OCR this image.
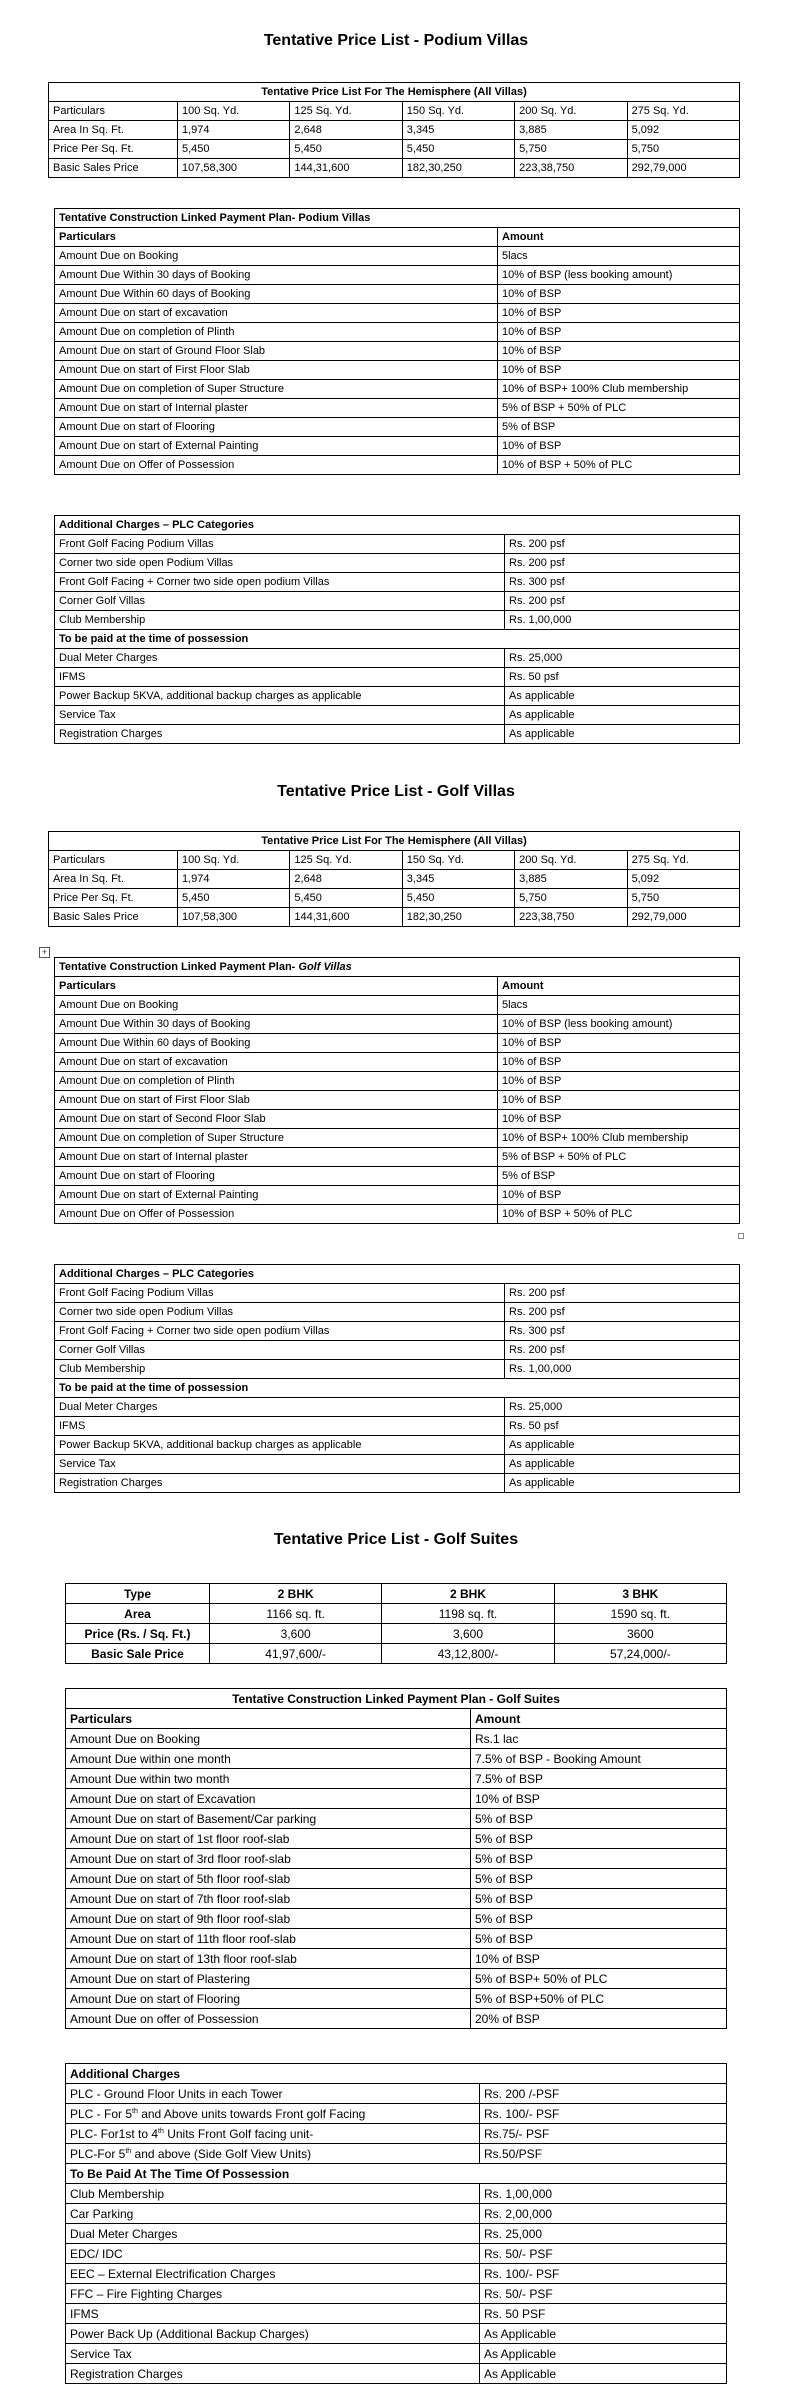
Tentative Price List - Podium Villas
Tentative Price List For The Hemisphere (All Villas)					
Particulars	100 Sq. Yd.	125 Sq. Yd.	150 Sq. Yd.	200 Sq. Yd.	275 Sq. Yd.
Area In Sq. Ft.	1,974	2,648	3,345	3,885	5,092
Price Per Sq. Ft.	5,450	5,450	5,450	5,750	5,750
Basic Sales Price	107,58,300	144,31,600	182,30,250	223,38,750	292,79,000
Tentative Construction Linked Payment Plan- Podium Villas	
Particulars	Amount
Amount Due on Booking	5lacs
Amount Due Within 30 days of Booking	10% of BSP (less booking amount)
Amount Due Within 60 days of Booking	10% of BSP
Amount Due on start of excavation	10% of BSP
Amount Due on completion of Plinth	10% of BSP
Amount Due on start of Ground Floor Slab	10% of BSP
Amount Due on start of First Floor Slab	10% of BSP
Amount Due on completion of Super Structure	10% of BSP+ 100% Club membership
Amount Due on start of Internal plaster	5% of BSP + 50% of PLC
Amount Due on start of Flooring	5% of BSP
Amount Due on start of External Painting	10% of BSP
Amount Due on Offer of Possession	10% of BSP + 50% of PLC
Additional Charges – PLC Categories	
Front Golf Facing Podium Villas	Rs. 200 psf
Corner two side open Podium Villas	Rs. 200 psf
Front Golf Facing + Corner two side open podium Villas	Rs. 300 psf
Corner Golf Villas	Rs. 200 psf
Club Membership	Rs. 1,00,000
To be paid at the time of possession	
Dual Meter Charges	Rs. 25,000
IFMS	Rs. 50 psf
Power Backup 5KVA, additional backup charges as applicable	As applicable
Service Tax	As applicable
Registration Charges	As applicable
Tentative Price List - Golf Villas
Tentative Price List For The Hemisphere (All Villas)					
Particulars	100 Sq. Yd.	125 Sq. Yd.	150 Sq. Yd.	200 Sq. Yd.	275 Sq. Yd.
Area In Sq. Ft.	1,974	2,648	3,345	3,885	5,092
Price Per Sq. Ft.	5,450	5,450	5,450	5,750	5,750
Basic Sales Price	107,58,300	144,31,600	182,30,250	223,38,750	292,79,000
+
Tentative Construction Linked Payment Plan- Golf Villas	
Particulars	Amount
Amount Due on Booking	5lacs
Amount Due Within 30 days of Booking	10% of BSP (less booking amount)
Amount Due Within 60 days of Booking	10% of BSP
Amount Due on start of excavation	10% of BSP
Amount Due on completion of Plinth	10% of BSP
Amount Due on start of First Floor Slab	10% of BSP
Amount Due on start of Second Floor Slab	10% of BSP
Amount Due on completion of Super Structure	10% of BSP+ 100% Club membership
Amount Due on start of Internal plaster	5% of BSP + 50% of PLC
Amount Due on start of Flooring	5% of BSP
Amount Due on start of External Painting	10% of BSP
Amount Due on Offer of Possession	10% of BSP + 50% of PLC
Additional Charges – PLC Categories	
Front Golf Facing Podium Villas	Rs. 200 psf
Corner two side open Podium Villas	Rs. 200 psf
Front Golf Facing + Corner two side open podium Villas	Rs. 300 psf
Corner Golf Villas	Rs. 200 psf
Club Membership	Rs. 1,00,000
To be paid at the time of possession	
Dual Meter Charges	Rs. 25,000
IFMS	Rs. 50 psf
Power Backup 5KVA, additional backup charges as applicable	As applicable
Service Tax	As applicable
Registration Charges	As applicable
Tentative Price List - Golf Suites
Type	2 BHK	2 BHK	3 BHK
Area	1166 sq. ft.	1198 sq. ft.	1590 sq. ft.
Price (Rs. / Sq. Ft.)	3,600	3,600	3600
Basic Sale Price	41,97,600/-	43,12,800/-	57,24,000/-
Tentative Construction Linked Payment Plan - Golf Suites	
Particulars	Amount
Amount Due on Booking	Rs.1 lac
Amount Due within one month	7.5% of BSP - Booking Amount
Amount Due within two month	7.5% of BSP
Amount Due on start of Excavation	10% of BSP
Amount Due on start of Basement/Car parking	5% of BSP
Amount Due on start of 1st floor roof-slab	5% of BSP
Amount Due on start of 3rd floor roof-slab	5% of BSP
Amount Due on start of 5th floor roof-slab	5% of BSP
Amount Due on start of 7th floor roof-slab	5% of BSP
Amount Due on start of 9th floor roof-slab	5% of BSP
Amount Due on start of 11th floor roof-slab	5% of BSP
Amount Due on start of 13th floor roof-slab	10% of BSP
Amount Due on start of Plastering	5% of BSP+ 50% of PLC
Amount Due on start of Flooring	5% of BSP+50% of PLC
Amount Due on offer of Possession	20% of BSP
Additional Charges	
PLC - Ground Floor Units in each Tower	Rs. 200 /-PSF
PLC - For 5th and Above units towards Front golf Facing	Rs. 100/- PSF
PLC- For1st to 4th Units Front Golf facing unit-	Rs.75/- PSF
PLC-For 5th and above (Side Golf View Units)	Rs.50/PSF
To Be Paid At The Time Of Possession	
Club Membership	Rs. 1,00,000
Car Parking	Rs. 2,00,000
Dual Meter Charges	Rs. 25,000
EDC/ IDC	Rs. 50/- PSF
EEC – External Electrification Charges	Rs. 100/- PSF
FFC – Fire Fighting Charges	Rs. 50/- PSF
IFMS	Rs. 50 PSF
Power Back Up (Additional Backup Charges)	As Applicable
Service Tax	As Applicable
Registration Charges	As Applicable
